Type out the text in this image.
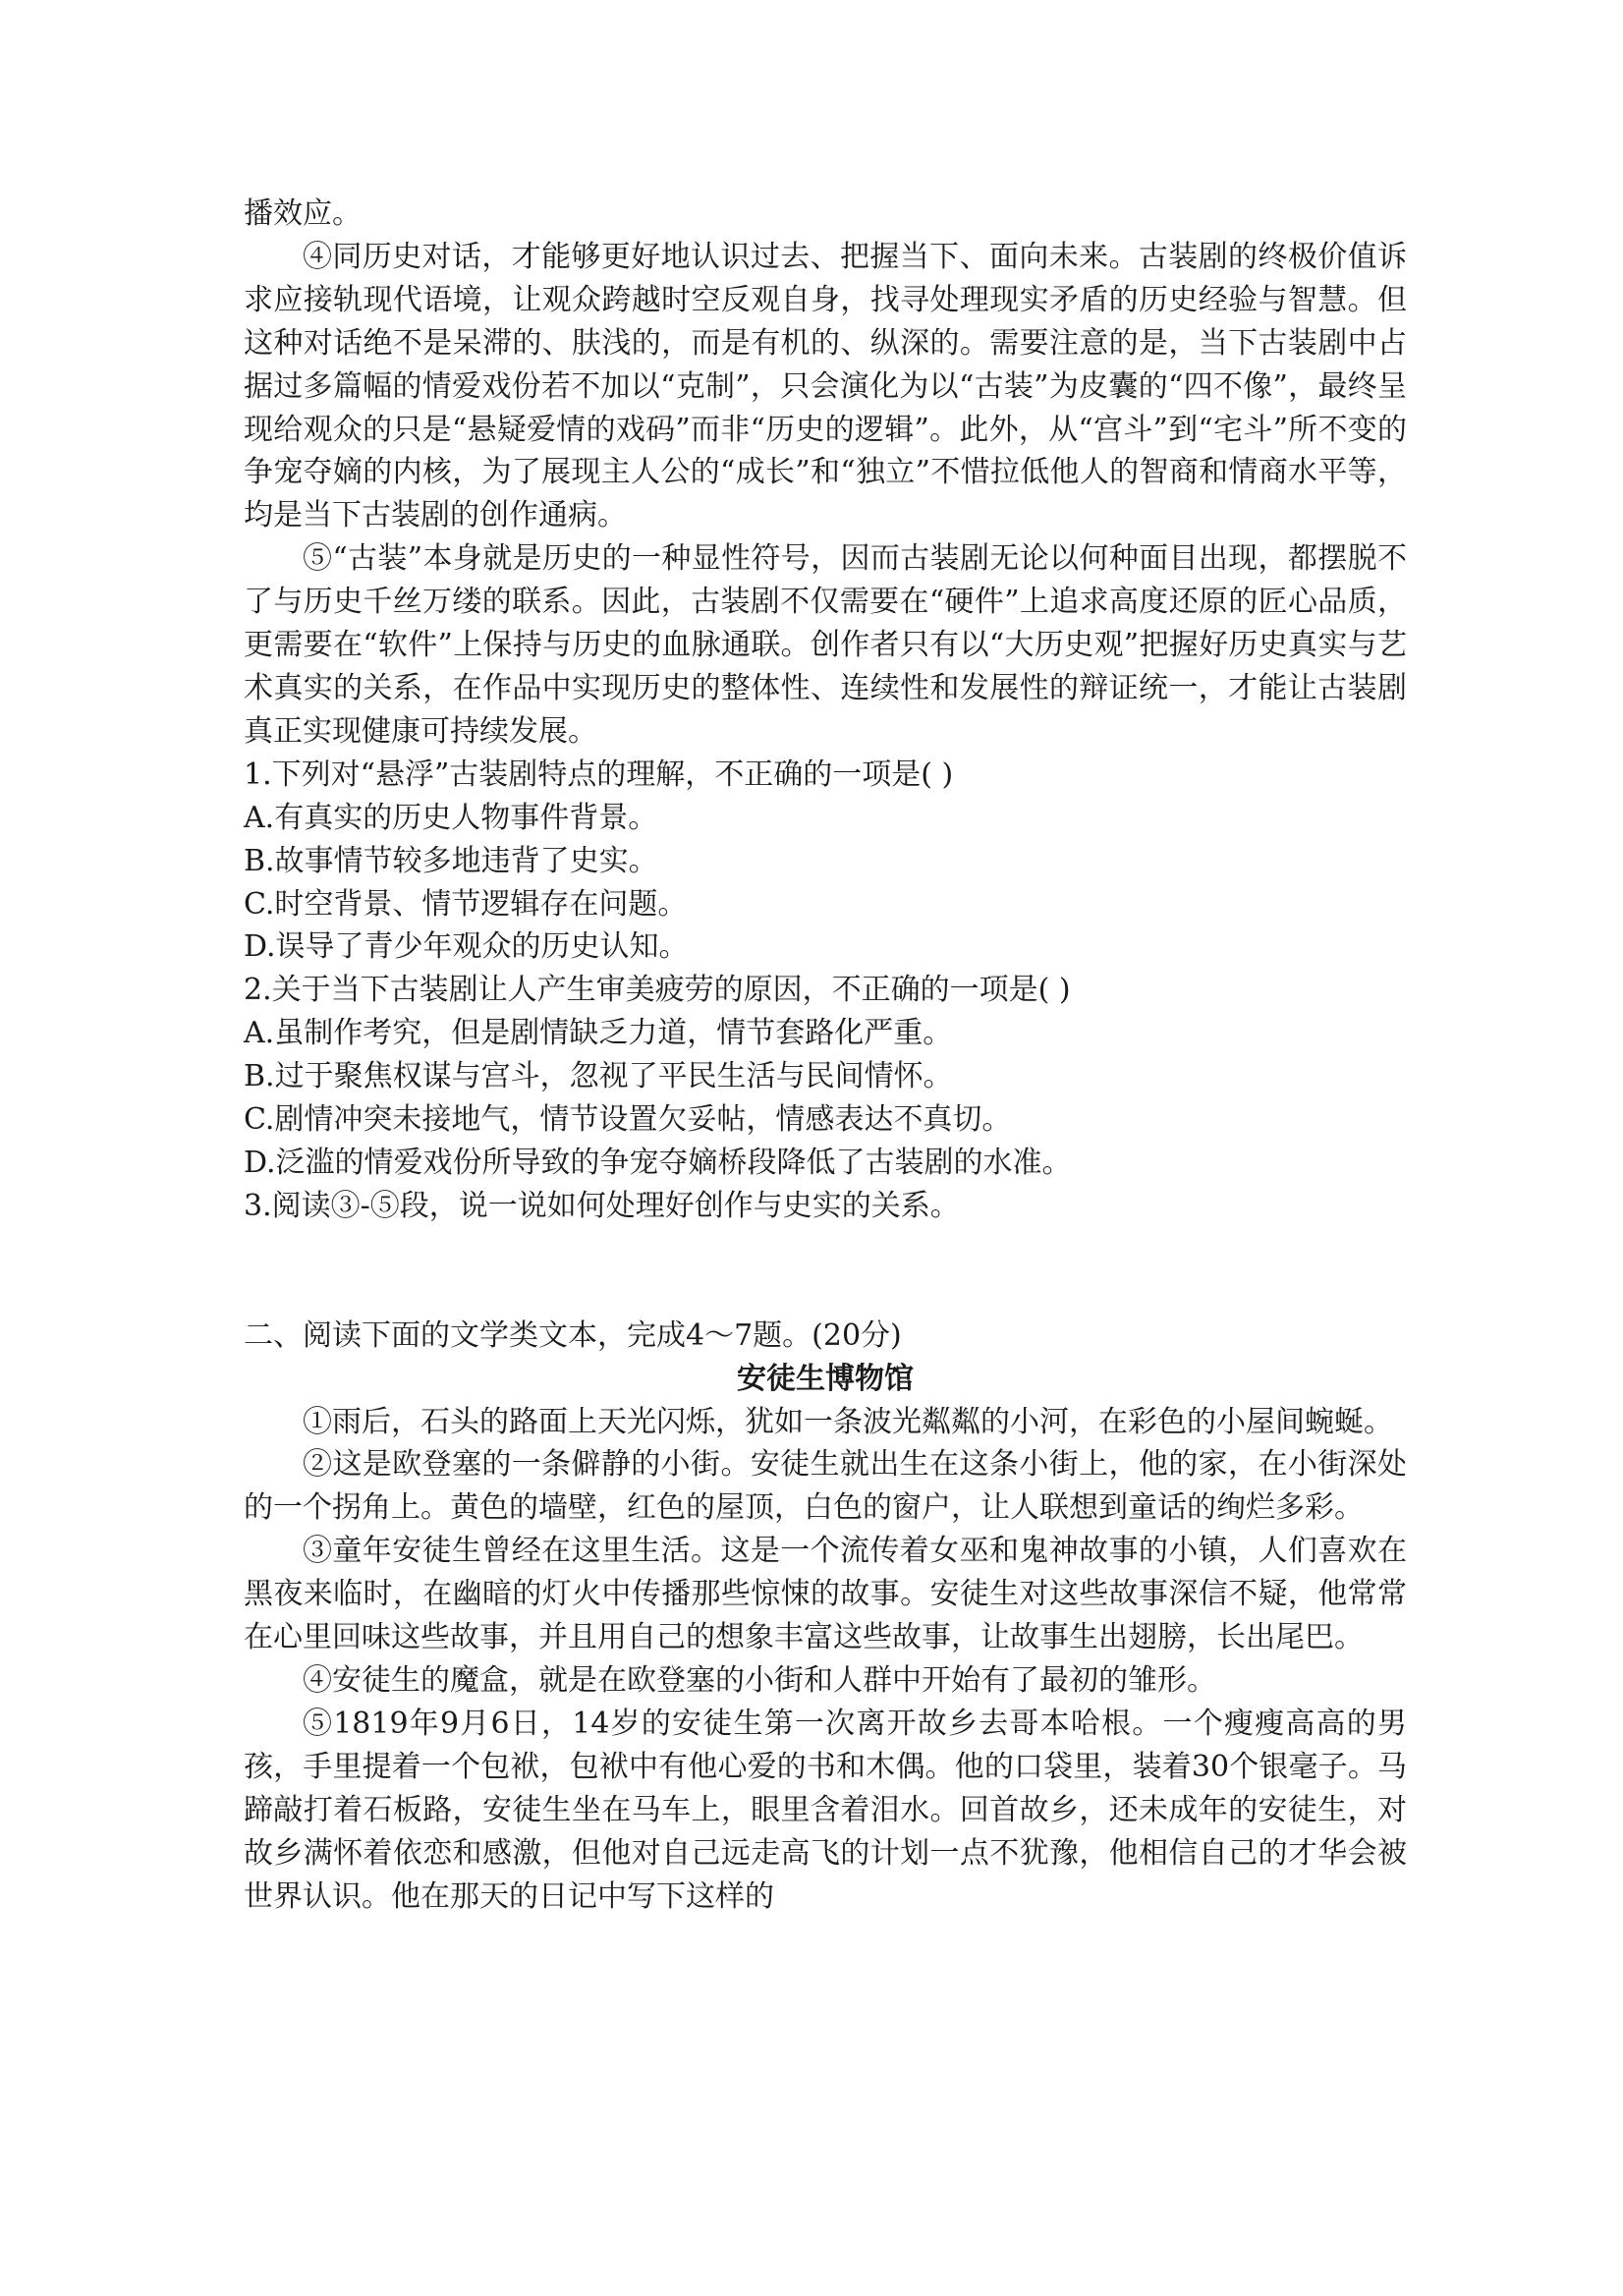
播效应。

④同历史对话，才能够更好地认识过去、把握当下、面向未来。古装剧的终极价值诉求应接轨现代语境，让观众跨越时空反观自身，找寻处理现实矛盾的历史经验与智慧。但这种对话绝不是呆滞的、肤浅的，而是有机的、纵深的。需要注意的是，当下古装剧中占据过多篇幅的情爱戏份若不加以“克制”，只会演化为以“古装”为皮囊的“四不像”，最终呈现给观众的只是“悬疑爱情的戏码”而非“历史的逻辑”。此外，从“宫斗”到“宅斗”所不变的争宠夺嫡的内核，为了展现主人公的“成长”和“独立”不惜拉低他人的智商和情商水平等，均是当下古装剧的创作通病。

⑤“古装”本身就是历史的一种显性符号，因而古装剧无论以何种面目出现，都摆脱不了与历史千丝万缕的联系。因此，古装剧不仅需要在“硬件”上追求高度还原的匠心品质，更需要在“软件”上保持与历史的血脉通联。创作者只有以“大历史观”把握好历史真实与艺术真实的关系，在作品中实现历史的整体性、连续性和发展性的辩证统一，才能让古装剧真正实现健康可持续发展。

1.下列对“悬浮”古装剧特点的理解，不正确的一项是( )

A.有真实的历史人物事件背景。

B.故事情节较多地违背了史实。

C.时空背景、情节逻辑存在问题。

D.误导了青少年观众的历史认知。

2.关于当下古装剧让人产生审美疲劳的原因，不正确的一项是( )

A.虽制作考究，但是剧情缺乏力道，情节套路化严重。

B.过于聚焦权谋与宫斗，忽视了平民生活与民间情怀。

C.剧情冲突未接地气，情节设置欠妥帖，情感表达不真切。

D.泛滥的情爱戏份所导致的争宠夺嫡桥段降低了古装剧的水准。

3.阅读③-⑤段，说一说如何处理好创作与史实的关系。

二、阅读下面的文学类文本，完成4～7题。(20分)

安徒生博物馆

①雨后，石头的路面上天光闪烁，犹如一条波光粼粼的小河，在彩色的小屋间蜿蜒。

②这是欧登塞的一条僻静的小街。安徒生就出生在这条小街上，他的家，在小街深处的一个拐角上。黄色的墙壁，红色的屋顶，白色的窗户，让人联想到童话的绚烂多彩。

③童年安徒生曾经在这里生活。这是一个流传着女巫和鬼神故事的小镇，人们喜欢在黑夜来临时，在幽暗的灯火中传播那些惊悚的故事。安徒生对这些故事深信不疑，他常常在心里回味这些故事，并且用自己的想象丰富这些故事，让故事生出翅膀，长出尾巴。

④安徒生的魔盒，就是在欧登塞的小街和人群中开始有了最初的雏形。

⑤1819年9月6日，14岁的安徒生第一次离开故乡去哥本哈根。一个瘦瘦高高的男孩，手里提着一个包袱，包袱中有他心爱的书和木偶。他的口袋里，装着30个银毫子。马蹄敲打着石板路，安徒生坐在马车上，眼里含着泪水。回首故乡，还未成年的安徒生，对故乡满怀着依恋和感激，但他对自己远走高飞的计划一点不犹豫，他相信自己的才华会被世界认识。他在那天的日记中写下这样的
